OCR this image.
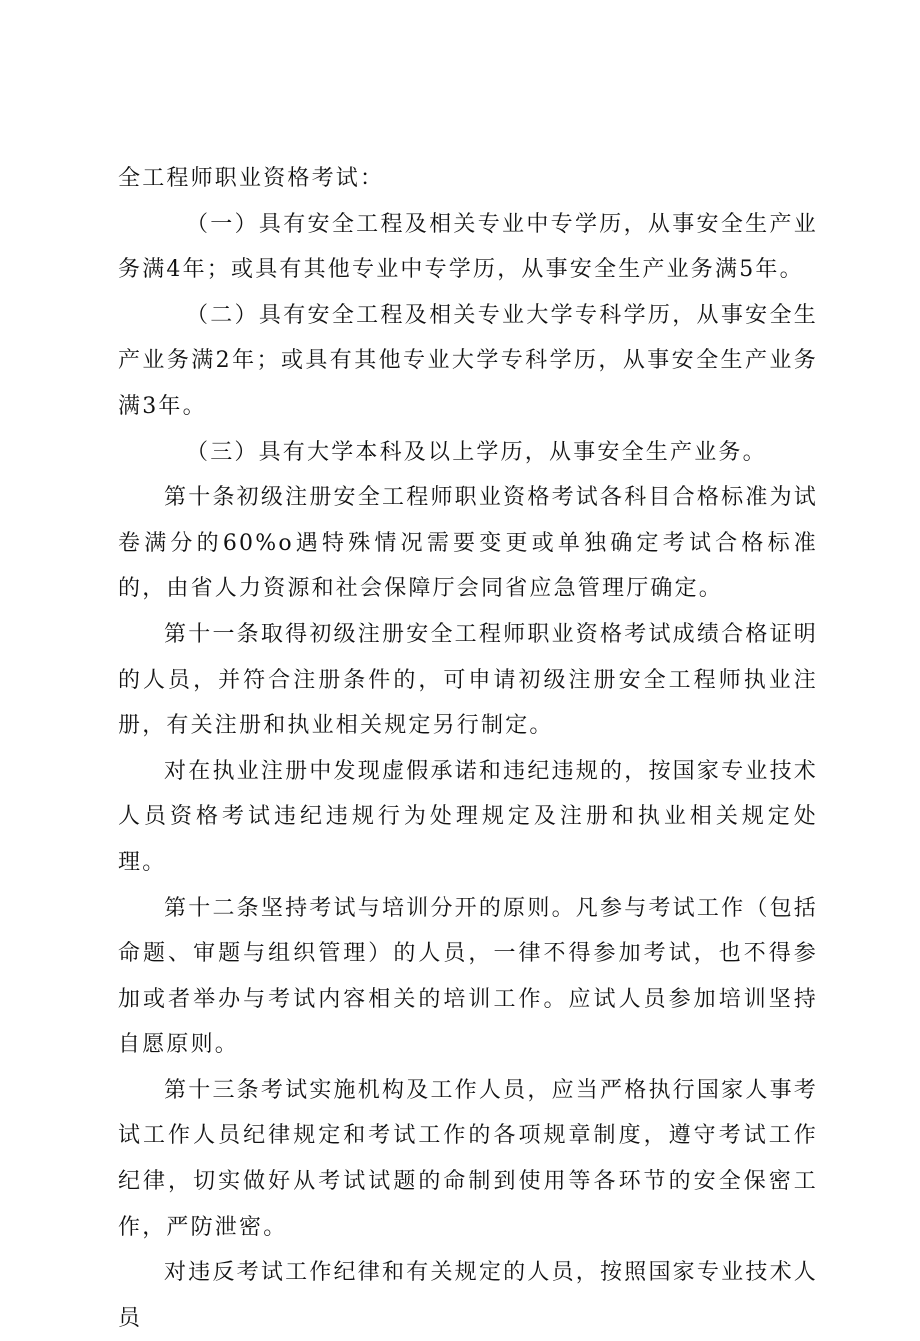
全工程师职业资格考试：

（一）具有安全工程及相关专业中专学历，从事安全生产业务满4年；或具有其他专业中专学历，从事安全生产业务满5年。

（二）具有安全工程及相关专业大学专科学历，从事安全生产业务满2年；或具有其他专业大学专科学历，从事安全生产业务满3年。

（三）具有大学本科及以上学历，从事安全生产业务。

第十条初级注册安全工程师职业资格考试各科目合格标准为试卷满分的60%o遇特殊情况需要变更或单独确定考试合格标准的，由省人力资源和社会保障厅会同省应急管理厅确定。

第十一条取得初级注册安全工程师职业资格考试成绩合格证明的人员，并符合注册条件的，可申请初级注册安全工程师执业注册，有关注册和执业相关规定另行制定。

对在执业注册中发现虚假承诺和违纪违规的，按国家专业技术人员资格考试违纪违规行为处理规定及注册和执业相关规定处理。

第十二条坚持考试与培训分开的原则。凡参与考试工作（包括命题、审题与组织管理）的人员，一律不得参加考试，也不得参加或者举办与考试内容相关的培训工作。应试人员参加培训坚持自愿原则。

第十三条考试实施机构及工作人员，应当严格执行国家人事考试工作人员纪律规定和考试工作的各项规章制度，遵守考试工作纪律，切实做好从考试试题的命制到使用等各环节的安全保密工作，严防泄密。

对违反考试工作纪律和有关规定的人员，按照国家专业技术人员
